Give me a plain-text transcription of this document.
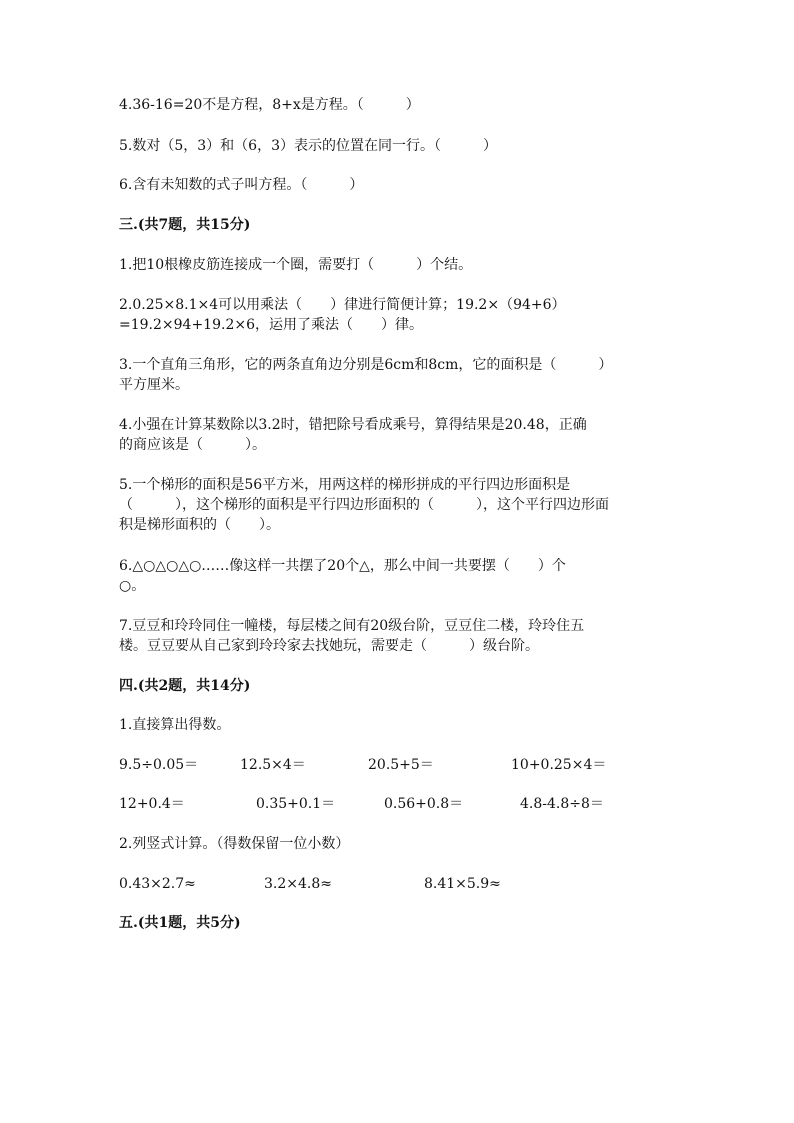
4.36-16=20不是方程，8+x是方程。（　　　）
5.数对（5，3）和（6，3）表示的位置在同一行。（　　　）
6.含有未知数的式子叫方程。（　　　）
三.(共7题，共15分)
1.把10根橡皮筋连接成一个圈，需要打（　　　）个结。
2.0.25×8.1×4可以用乘法（　　）律进行简便计算；19.2×（94+6）
=19.2×94+19.2×6，运用了乘法（　　）律。
3.一个直角三角形，它的两条直角边分别是6cm和8cm，它的面积是（　　　）
平方厘米。
4.小强在计算某数除以3.2时，错把除号看成乘号，算得结果是20.48，正确
的商应该是（　　　）。
5.一个梯形的面积是56平方米，用两这样的梯形拼成的平行四边形面积是
（　　　），这个梯形的面积是平行四边形面积的（　　　），这个平行四边形面
积是梯形面积的（　　）。
6.△○△○△○……像这样一共摆了20个△，那么中间一共要摆（　　）个
○。
7.豆豆和玲玲同住一幢楼，每层楼之间有20级台阶，豆豆住二楼，玲玲住五
楼。豆豆要从自己家到玲玲家去找她玩，需要走（　　　）级台阶。
四.(共2题，共14分)
1.直接算出得数。
9.5÷0.05＝	12.5×4＝	20.5+5＝	10+0.25×4＝
12+0.4＝	0.35+0.1＝	0.56+0.8＝	4.8-4.8÷8＝
2.列竖式计算。（得数保留一位小数）
0.43×2.7≈	3.2×4.8≈	8.41×5.9≈
五.(共1题，共5分)
